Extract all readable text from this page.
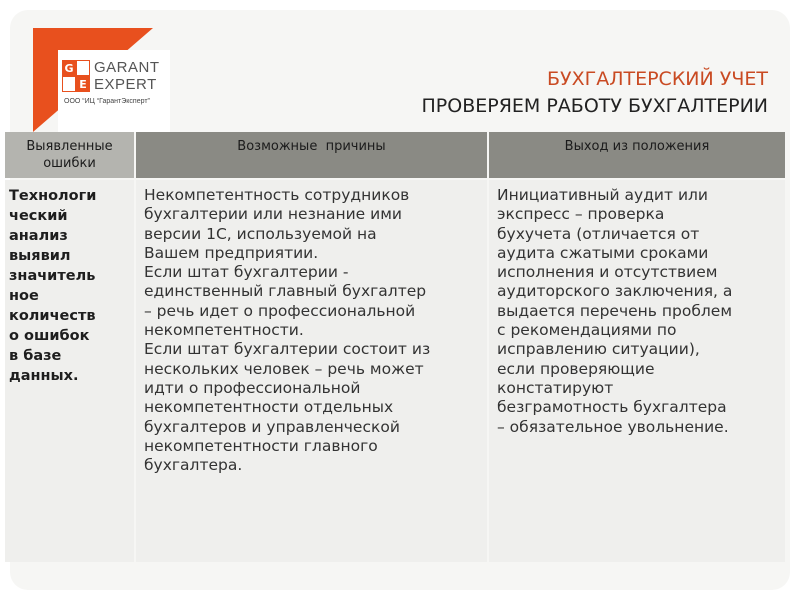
G
E
GARANT
EXPERT
ООО “ИЦ “ГарантЭксперт”
БУХГАЛТЕРСКИЙ УЧЕТ
ПРОВЕРЯЕМ РАБОТУ БУХГАЛТЕРИИ
Выявленные
ошибки
Возможные  причины	Выход из положения
Технологи
ческий
анализ
выявил
значитель
ное
количеств
о ошибок
в базе
данных.
Некомпетентность сотрудников
бухгалтерии или незнание ими
версии 1С, используемой на
Вашем предприятии.
Если штат бухгалтерии -
единственный главный бухгалтер
– речь идет о профессиональной
некомпетентности.
Если штат бухгалтерии состоит из
нескольких человек – речь может
идти о профессиональной
некомпетентности отдельных
бухгалтеров и управленческой
некомпетентности главного
бухгалтера.
Инициативный аудит или
экспресс – проверка
бухучета (отличается от
аудита сжатыми сроками
исполнения и отсутствием
аудиторского заключения, а
выдается перечень проблем
с рекомендациями по
исправлению ситуации),
если проверяющие
констатируют
безграмотность бухгалтера
– обязательное увольнение.
